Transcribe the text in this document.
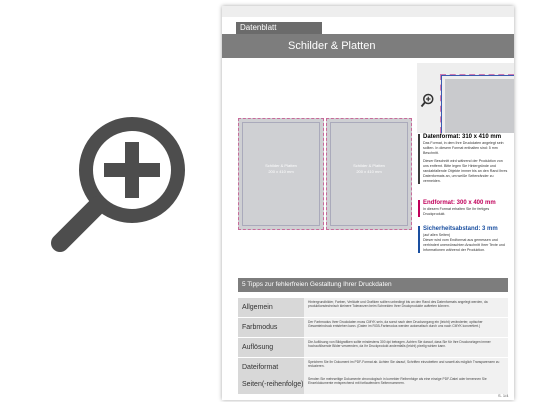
Datenblatt
Schilder & Platten
Schilder & Platten
200 x 410 mm
Schilder & Platten
200 x 410 mm
Datenformat: 310 x 410 mm
Das Format, in dem Ihre Druckdaten angelegt sein sollten. In diesem Format enthalten sind: 5 mm Beschnitt.
Dieser Beschnitt wird während der Produktion von uns entfernt. Bitte legen Sie Hintergründe und randabfallende Objekte immer bis an den Rand Ihres Datenformats an, um weiße Seitenränder zu vermeiden.
Endformat: 300 x 400 mm
In diesem Format erhalten Sie Ihr fertiges Druckprodukt.
Sicherheitsabstand: 3 mm
(auf allen Seiten)
Dieser wird vom Endformat aus gemessen und verhindert unerwünschten Anschnitt Ihrer Texte und Informationen während der Produktion.
5 Tipps zur fehlerfreien Gestaltung Ihrer Druckdaten
Allgemein
Hintergrundbilder, Farben, Verläufe und Grafiken sollten unbedingt bis an den Rand des Datenformats angelegt werden, da produktionstechnisch kleinere Toleranzen beim Schneiden Ihrer Druckprodukte auftreten können.
Farbmodus
Der Farbmodus Ihrer Druckdaten muss CMYK sein, da sonst nach dem Druckvorgang ein (leicht) veränderter, optischer Gesamteindruck entstehen kann. (Daten im RGB-Farbmodus werden automatisch durch uns nach CMYK konvertiert.)
Auflösung
Die Auflösung von Bildgrafiken sollte mindestens 300 dpi betragen. Achten Sie darauf, dass Sie für Ihre Druckvorlagen immer hochauflösende Bilder verwenden, da Ihr Druckprodukt andernfalls (leicht) pixelig wirken kann.
Dateiformat
Speichern Sie Ihr Dokument im PDF-Format ab. Achten Sie darauf, Schriften einzubetten und soweit als möglich Transparenzen zu reduzieren.
Seiten(-reihenfolge)
Senden Sie mehrseitige Dokumente chronologisch in korrekter Reihenfolge als eine einzige PDF-Datei oder benennen Sie Einzeldokumente entsprechend mit fortlaufenden Seitennummern.
S. 1/4
